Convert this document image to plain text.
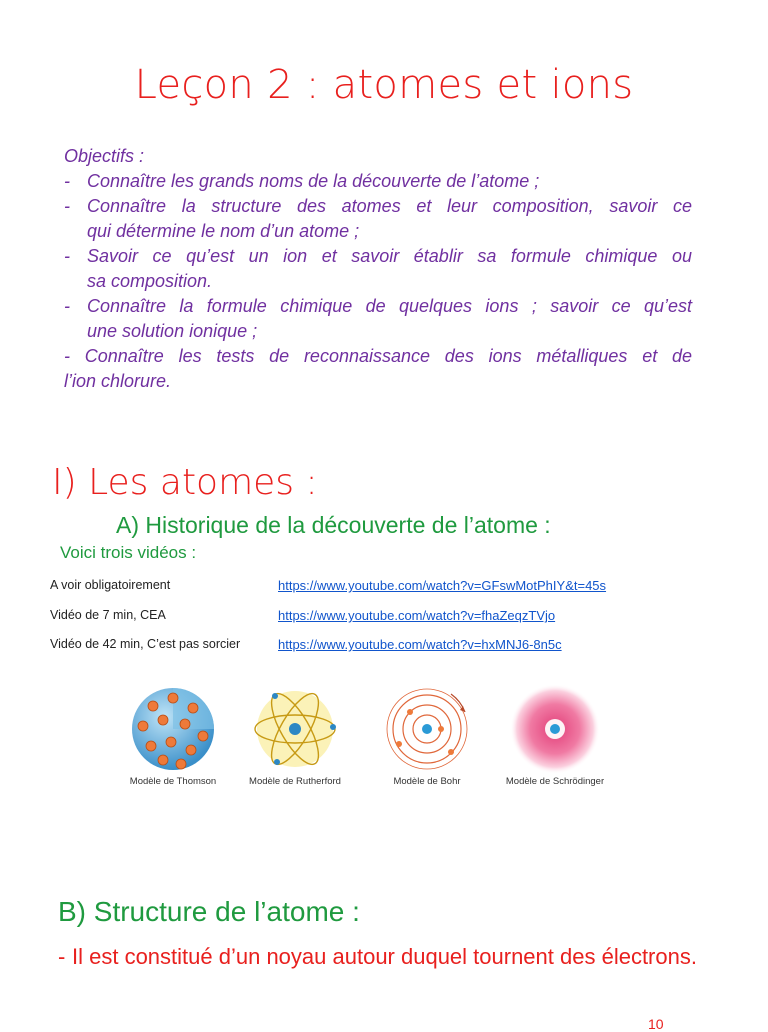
Leçon 2 : atomes et ions
Objectifs :
- Connaître les grands noms de la découverte de l’atome ;
- Connaître la structure des atomes et leur composition, savoir ce
qui détermine le nom d’un atome ;
- Savoir ce qu’est un ion et savoir établir sa formule chimique ou
sa composition.
- Connaître la formule chimique de quelques ions ; savoir ce qu’est
une solution ionique ;
- Connaître les tests de reconnaissance des ions métalliques et de
l’ion chlorure.
I) Les atomes :
A) Historique de la découverte de l’atome :
Voici trois vidéos :
A voir obligatoirement	https://www.youtube.com/watch?v=GFswMotPhIY&t=45s
Vidéo de 7 min, CEA	https://www.youtube.com/watch?v=fhaZeqzTVjo
Vidéo de 42 min, C’est pas sorcier	https://www.youtube.com/watch?v=hxMNJ6-8n5c
Modèle de Thomson	Modèle de Rutherford	Modèle de Bohr	Modèle de Schrödinger
B) Structure de l’atome :
- Il est constitué d’un noyau autour duquel tournent des électrons.
10
